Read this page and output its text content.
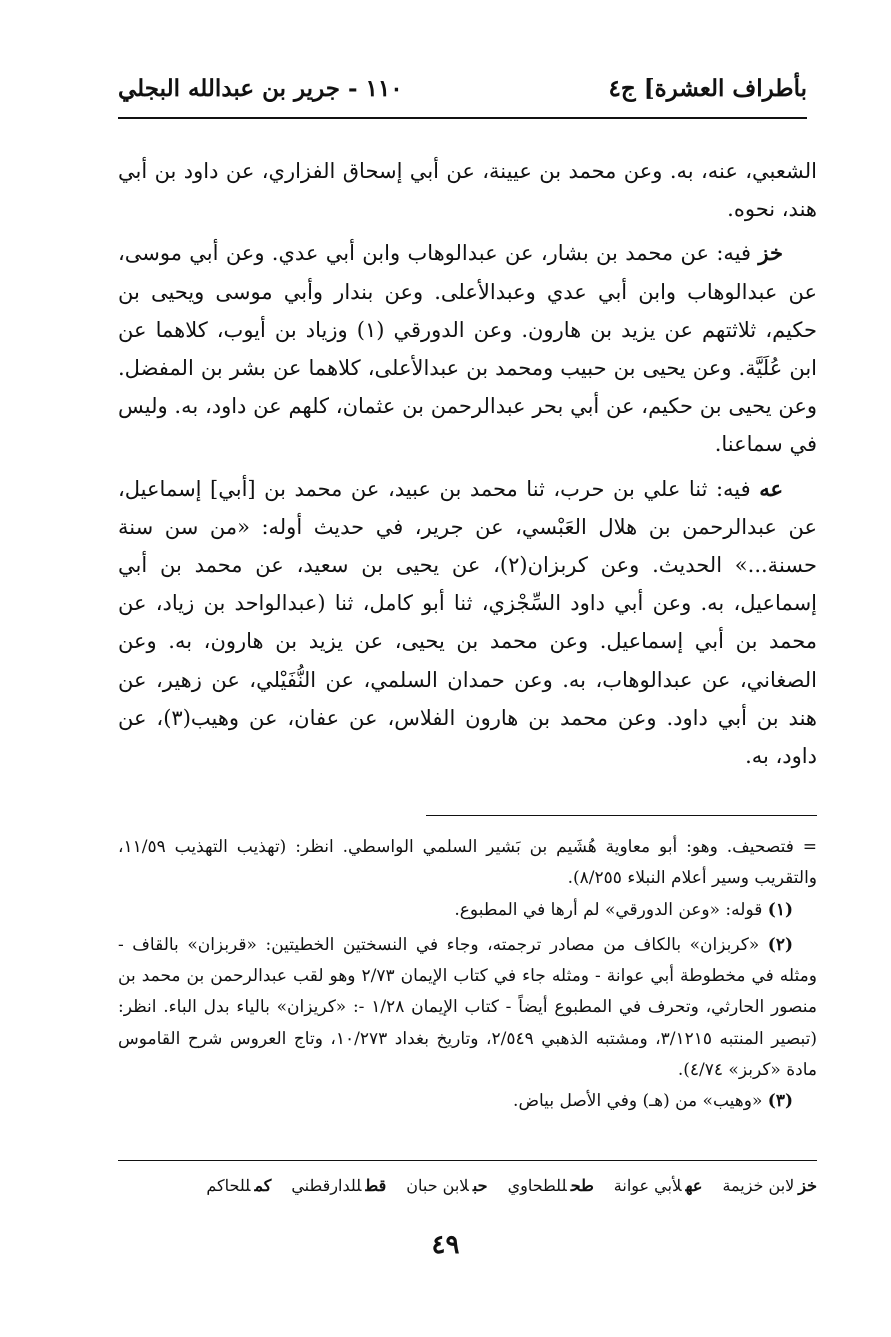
بأطراف العشرة] ج٤
١١٠ - جرير بن عبدالله البجلي

الشعبي، عنه، به. وعن محمد بن عيينة، عن أبي إسحاق الفزاري، عن داود بن أبي هند، نحوه.

خز فيه: عن محمد بن بشار، عن عبدالوهاب وابن أبي عدي. وعن أبي موسى، عن عبدالوهاب وابن أبي عدي وعبدالأعلى. وعن بندار وأبي موسى ويحيى بن حكيم، ثلاثتهم عن يزيد بن هارون. وعن الدورقي (١) وزياد بن أيوب، كلاهما عن ابن عُلَيَّة. وعن يحيى بن حبيب ومحمد بن عبدالأعلى، كلاهما عن بشر بن المفضل. وعن يحيى بن حكيم، عن أبي بحر عبدالرحمن بن عثمان، كلهم عن داود، به. وليس في سماعنا.

عه فيه: ثنا علي بن حرب، ثنا محمد بن عبيد، عن محمد بن [أبي] إسماعيل، عن عبدالرحمن بن هلال العَبْسي، عن جرير، في حديث أوله: «من سن سنة حسنة...» الحديث. وعن كربزان(٢)، عن يحيى بن سعيد، عن محمد بن أبي إسماعيل، به. وعن أبي داود السِّجْزي، ثنا أبو كامل، ثنا (عبدالواحد بن زياد، عن محمد بن أبي إسماعيل. وعن محمد بن يحيى، عن يزيد بن هارون، به. وعن الصغاني، عن عبدالوهاب، به. وعن حمدان السلمي، عن النُّفَيْلي، عن زهير، عن هند بن أبي داود. وعن محمد بن هارون الفلاس، عن عفان، عن وهيب(٣)، عن داود، به.

= فتصحيف. وهو: أبو معاوية هُشَيم بن بَشير السلمي الواسطي. انظر: (تهذيب التهذيب ١١/٥٩، والتقريب وسير أعلام النبلاء ٨/٢٥٥).

(١) قوله: «وعن الدورقي» لم أرها في المطبوع.

(٢) «كربزان» بالكاف من مصادر ترجمته، وجاء في النسختين الخطيتين: «قربزان» بالقاف - ومثله في مخطوطة أبي عوانة - ومثله جاء في كتاب الإيمان ٢/٧٣ وهو لقب عبدالرحمن بن محمد بن منصور الحارثي، وتحرف في المطبوع أيضاً - كتاب الإيمان ١/٢٨ -: «كريزان» بالياء بدل الباء. انظر: (تبصير المنتبه ٣/١٢١٥، ومشتبه الذهبي ٢/٥٤٩، وتاريخ بغداد ١٠/٢٧٣، وتاج العروس شرح القاموس مادة «كربز» ٤/٧٤).

(٣) «وهيب» من (هـ) وفي الأصل بياض.

خزلابن خزيمة
عهلأبي عوانة
طحللطحاوي
حبلابن حبان
قطللدارقطني
كمللحاكم
٤٩
